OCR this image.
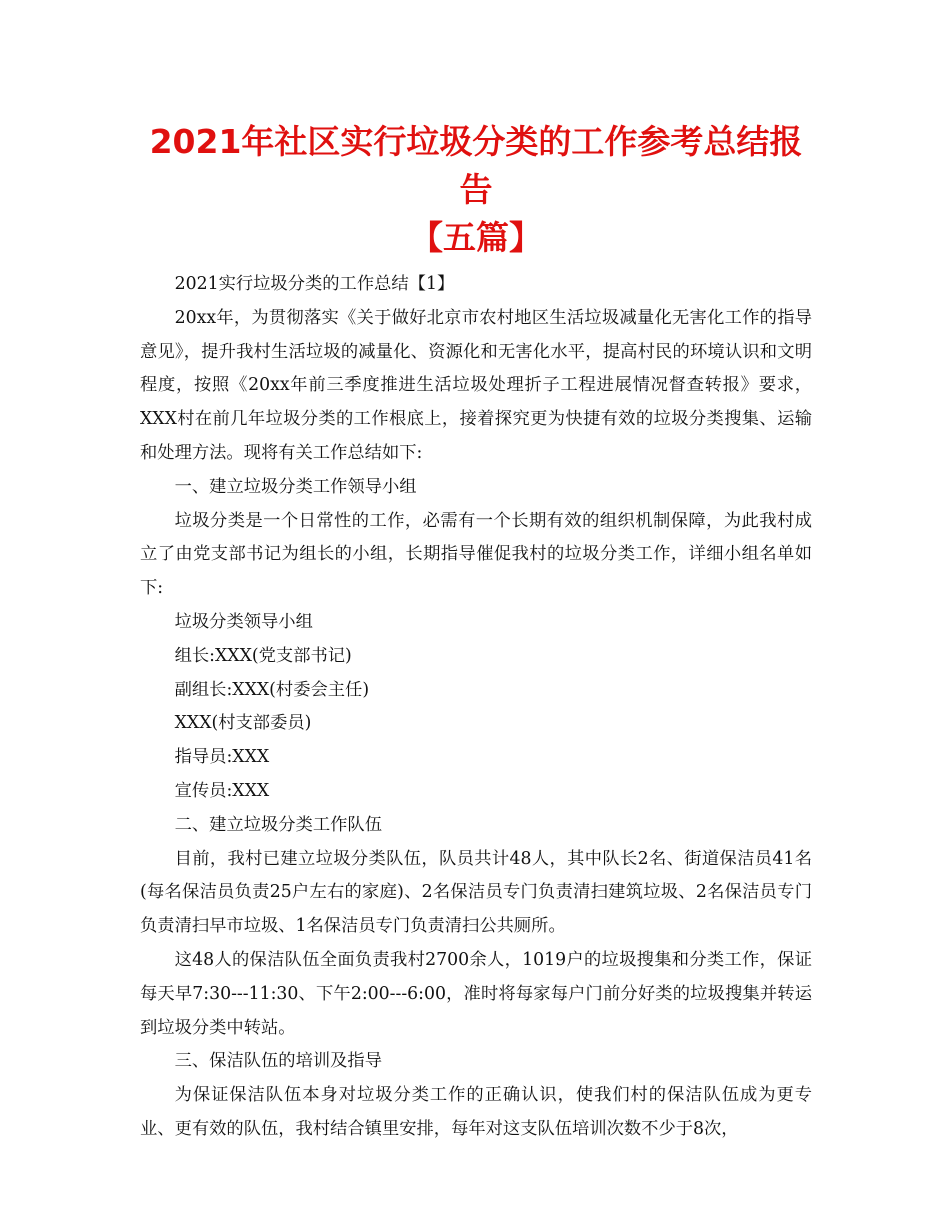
2021年社区实行垃圾分类的工作参考总结报告
【五篇】

2021实行垃圾分类的工作总结【1】

20xx年，为贯彻落实《关于做好北京市农村地区生活垃圾减量化无害化工作的指导意见》，提升我村生活垃圾的减量化、资源化和无害化水平，提高村民的环境认识和文明程度，按照《20xx年前三季度推进生活垃圾处理折子工程进展情况督查转报》要求，XXX村在前几年垃圾分类的工作根底上，接着探究更为快捷有效的垃圾分类搜集、运输和处理方法。现将有关工作总结如下:

一、建立垃圾分类工作领导小组

垃圾分类是一个日常性的工作，必需有一个长期有效的组织机制保障，为此我村成立了由党支部书记为组长的小组，长期指导催促我村的垃圾分类工作，详细小组名单如下:

垃圾分类领导小组

组长:XXX(党支部书记)

副组长:XXX(村委会主任)

XXX(村支部委员)

指导员:XXX

宣传员:XXX

二、建立垃圾分类工作队伍

目前，我村已建立垃圾分类队伍，队员共计48人，其中队长2名、街道保洁员41名(每名保洁员负责25户左右的家庭)、2名保洁员专门负责清扫建筑垃圾、2名保洁员专门负责清扫早市垃圾、1名保洁员专门负责清扫公共厕所。

这48人的保洁队伍全面负责我村2700余人，1019户的垃圾搜集和分类工作，保证每天早7:30---11:30、下午2:00---6:00，准时将每家每户门前分好类的垃圾搜集并转运到垃圾分类中转站。

三、保洁队伍的培训及指导

为保证保洁队伍本身对垃圾分类工作的正确认识，使我们村的保洁队伍成为更专业、更有效的队伍，我村结合镇里安排，每年对这支队伍培训次数不少于8次，
